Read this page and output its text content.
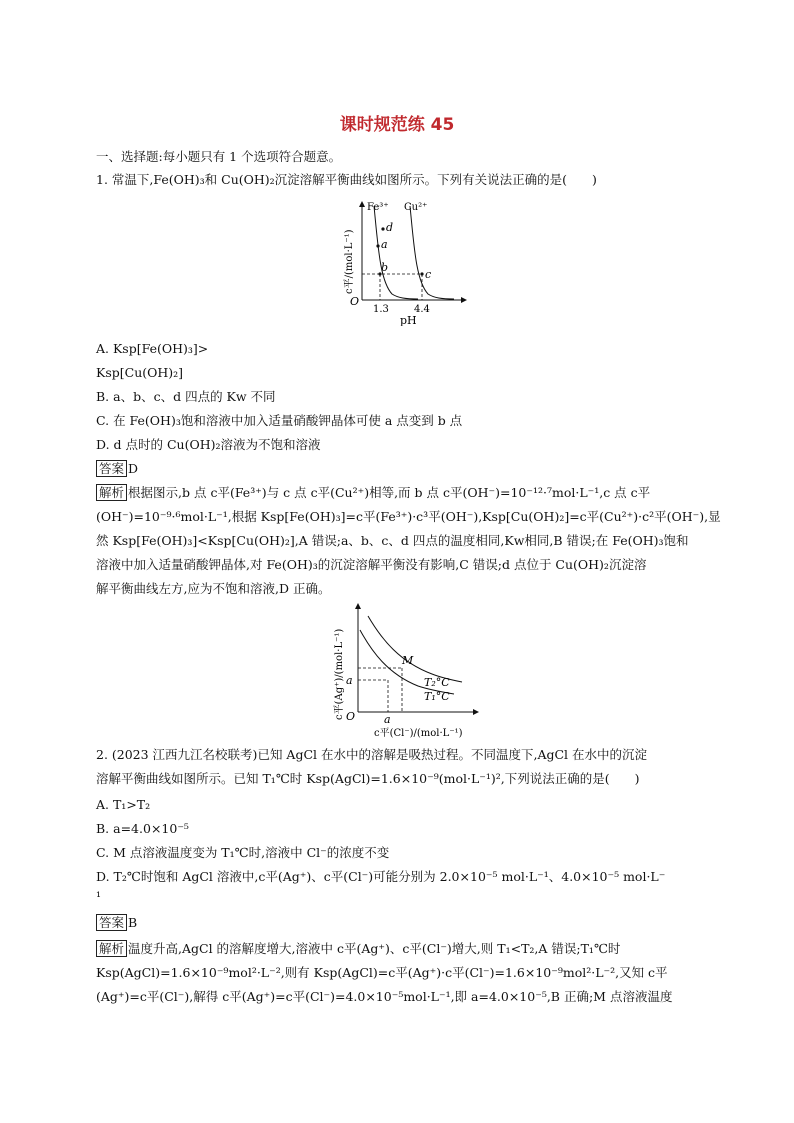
课时规范练 45
一、选择题:每小题只有 1 个选项符合题意。
1. 常温下,Fe(OH)₃和 Cu(OH)₂沉淀溶解平衡曲线如图所示。下列有关说法正确的是(　　)
d
a
b
c
Fe³⁺ Cu²⁺
O
1.3	4.4
pH
c平/(mol·L⁻¹)
A. Ksp[Fe(OH)₃]>
Ksp[Cu(OH)₂]
B. a、b、c、d 四点的 Kw 不同
C. 在 Fe(OH)₃饱和溶液中加入适量硝酸钾晶体可使 a 点变到 b 点
D. d 点时的 Cu(OH)₂溶液为不饱和溶液
答案 D
解析 根据图示,b 点 c平(Fe³⁺)与 c 点 c平(Cu²⁺)相等,而 b 点 c平(OH⁻)=10⁻¹²·⁷mol·L⁻¹,c 点 c平
(OH⁻)=10⁻⁹·⁶mol·L⁻¹,根据 Ksp[Fe(OH)₃]=c平(Fe³⁺)·c³平(OH⁻),Ksp[Cu(OH)₂]=c平(Cu²⁺)·c²平(OH⁻),显
然 Ksp[Fe(OH)₃]<Ksp[Cu(OH)₂],A 错误;a、b、c、d 四点的温度相同,Kw相同,B 错误;在 Fe(OH)₃饱和
溶液中加入适量硝酸钾晶体,对 Fe(OH)₃的沉淀溶解平衡没有影响,C 错误;d 点位于 Cu(OH)₂沉淀溶
解平衡曲线左方,应为不饱和溶液,D 正确。
M
a
a
O
T₂°C
T₁°C
c平(Cl⁻)/(mol·L⁻¹)
c平(Ag⁺)/(mol·L⁻¹)
2. (2023 江西九江名校联考)已知 AgCl 在水中的溶解是吸热过程。不同温度下,AgCl 在水中的沉淀
溶解平衡曲线如图所示。已知 T₁℃时 Ksp(AgCl)=1.6×10⁻⁹(mol·L⁻¹)²,下列说法正确的是(　　)
A. T₁>T₂
B. a=4.0×10⁻⁵
C. M 点溶液温度变为 T₁℃时,溶液中 Cl⁻的浓度不变
D. T₂℃时饱和 AgCl 溶液中,c平(Ag⁺)、c平(Cl⁻)可能分别为 2.0×10⁻⁵ mol·L⁻¹、4.0×10⁻⁵ mol·L⁻
¹
答案 B
解析 温度升高,AgCl 的溶解度增大,溶液中 c平(Ag⁺)、c平(Cl⁻)增大,则 T₁<T₂,A 错误;T₁℃时
Ksp(AgCl)=1.6×10⁻⁹mol²·L⁻²,则有 Ksp(AgCl)=c平(Ag⁺)·c平(Cl⁻)=1.6×10⁻⁹mol²·L⁻²,又知 c平
(Ag⁺)=c平(Cl⁻),解得 c平(Ag⁺)=c平(Cl⁻)=4.0×10⁻⁵mol·L⁻¹,即 a=4.0×10⁻⁵,B 正确;M 点溶液温度
